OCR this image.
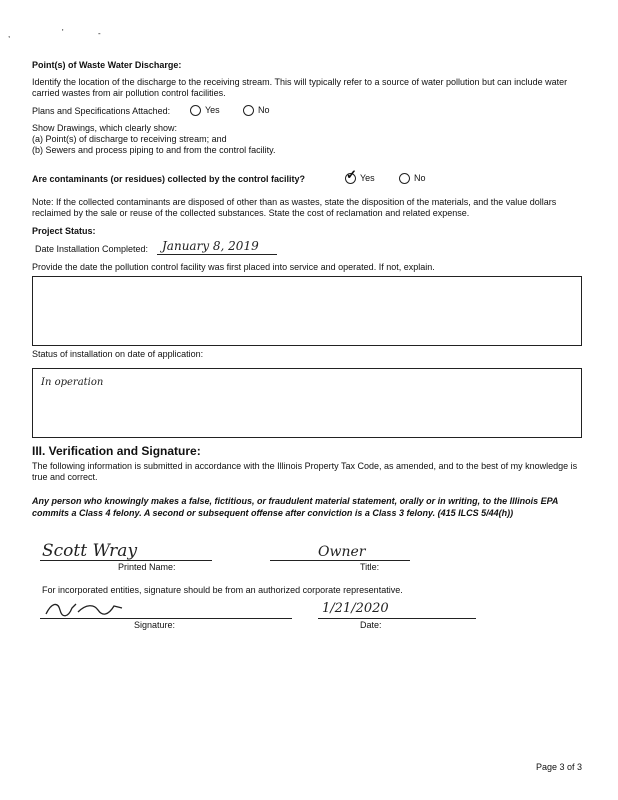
,	'	-
Point(s) of Waste Water Discharge:
Identify the location of the discharge to the receiving stream. This will typically refer to a source of water pollution but can include water carried wastes from air pollution control facilities.
Plans and Specifications Attached:	Yes	No
Show Drawings, which clearly show:
(a) Point(s) of discharge to receiving stream; and
(b) Sewers and process piping to and from the control facility.
Are contaminants (or residues) collected by the control facility?	Yes
✓	No
Note: If the collected contaminants are disposed of other than as wastes, state the disposition of the materials, and the value dollars reclaimed by the sale or reuse of the collected substances. State the cost of reclamation and related expense.
Project Status:
Date Installation Completed: January 8, 2019
Provide the date the pollution control facility was first placed into service and operated. If not, explain.
Status of installation on date of application:
In operation
III. Verification and Signature:
The following information is submitted in accordance with the Illinois Property Tax Code, as amended, and to the best of my knowledge is true and correct.
Any person who knowingly makes a false, fictitious, or fraudulent material statement, orally or in writing, to the Illinois EPA commits a Class 4 felony. A second or subsequent offense after conviction is a Class 3 felony. (415 ILCS 5/44(h))
Scott Wray
Printed Name:
Owner
Title:
For incorporated entities, signature should be from an authorized corporate representative.
Signature:
1/21/2020
Date:
Page 3 of 3
